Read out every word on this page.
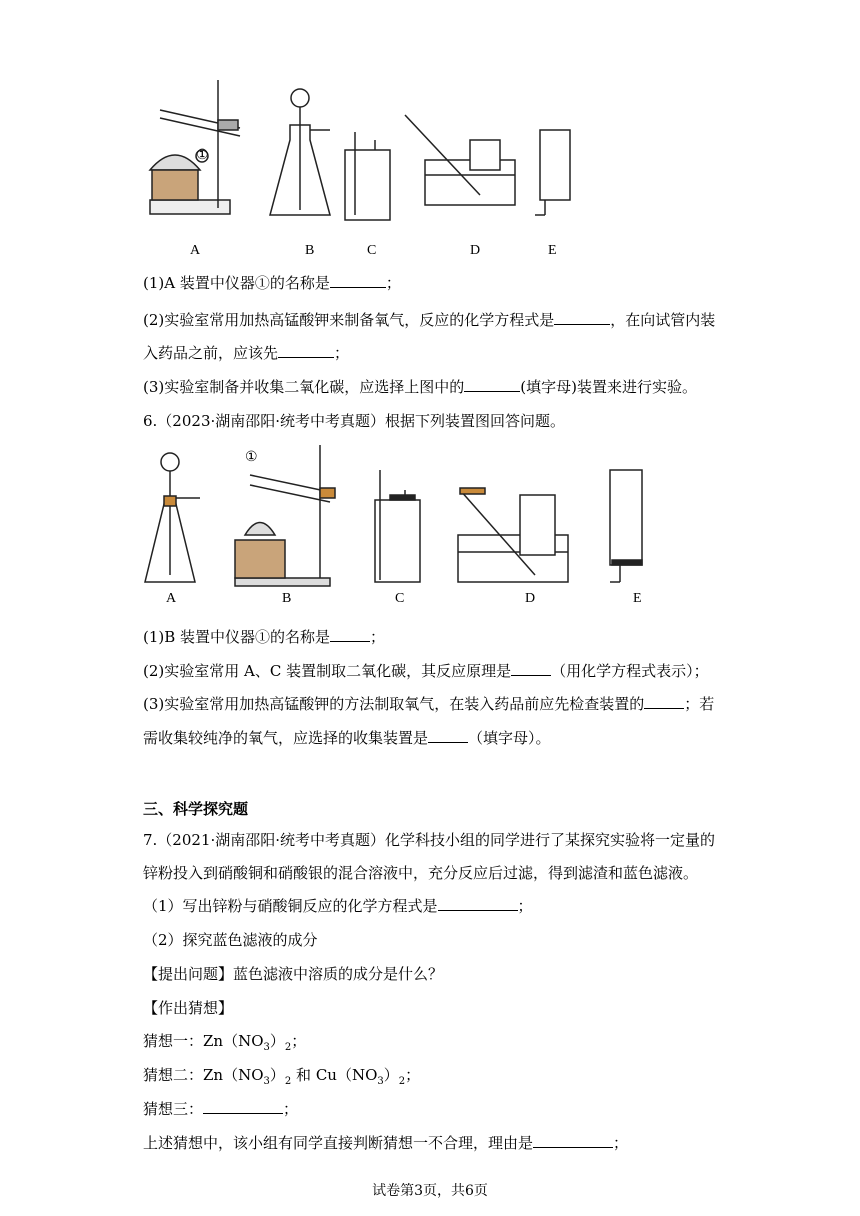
A	B	C	D	E
①
(1)A 装置中仪器①的名称是	；
(2)实验室常用加热高锰酸钾来制备氧气，反应的化学方程式是	，在向试管内装
入药品之前，应该先	；
(3)实验室制备并收集二氧化碳，应选择上图中的	(填字母)装置来进行实验。
6.（2023·湖南邵阳·统考中考真题）根据下列装置图回答问题。
A	B	C	D	E
①
(1)B 装置中仪器①的名称是	；
(2)实验室常用 A、C 装置制取二氧化碳，其反应原理是	（用化学方程式表示）；
(3)实验室常用加热高锰酸钾的方法制取氧气，在装入药品前应先检查装置的	；若
需收集较纯净的氧气，应选择的收集装置是	（填字母）。
三、科学探究题
7.（2021·湖南邵阳·统考中考真题）化学科技小组的同学进行了某探究实验将一定量的
锌粉投入到硝酸铜和硝酸银的混合溶液中，充分反应后过滤，得到滤渣和蓝色滤液。
（1）写出锌粉与硝酸铜反应的化学方程式是	；
（2）探究蓝色滤液的成分
【提出问题】蓝色滤液中溶质的成分是什么？
【作出猜想】
猜想一：$Zn(NO_3)_2$；
猜想二：$Zn(NO_3)_2$ 和 $Cu(NO_3)_2$；
猜想三：	；
上述猜想中，该小组有同学直接判断猜想一不合理，理由是	；
试卷第3页，共6页
